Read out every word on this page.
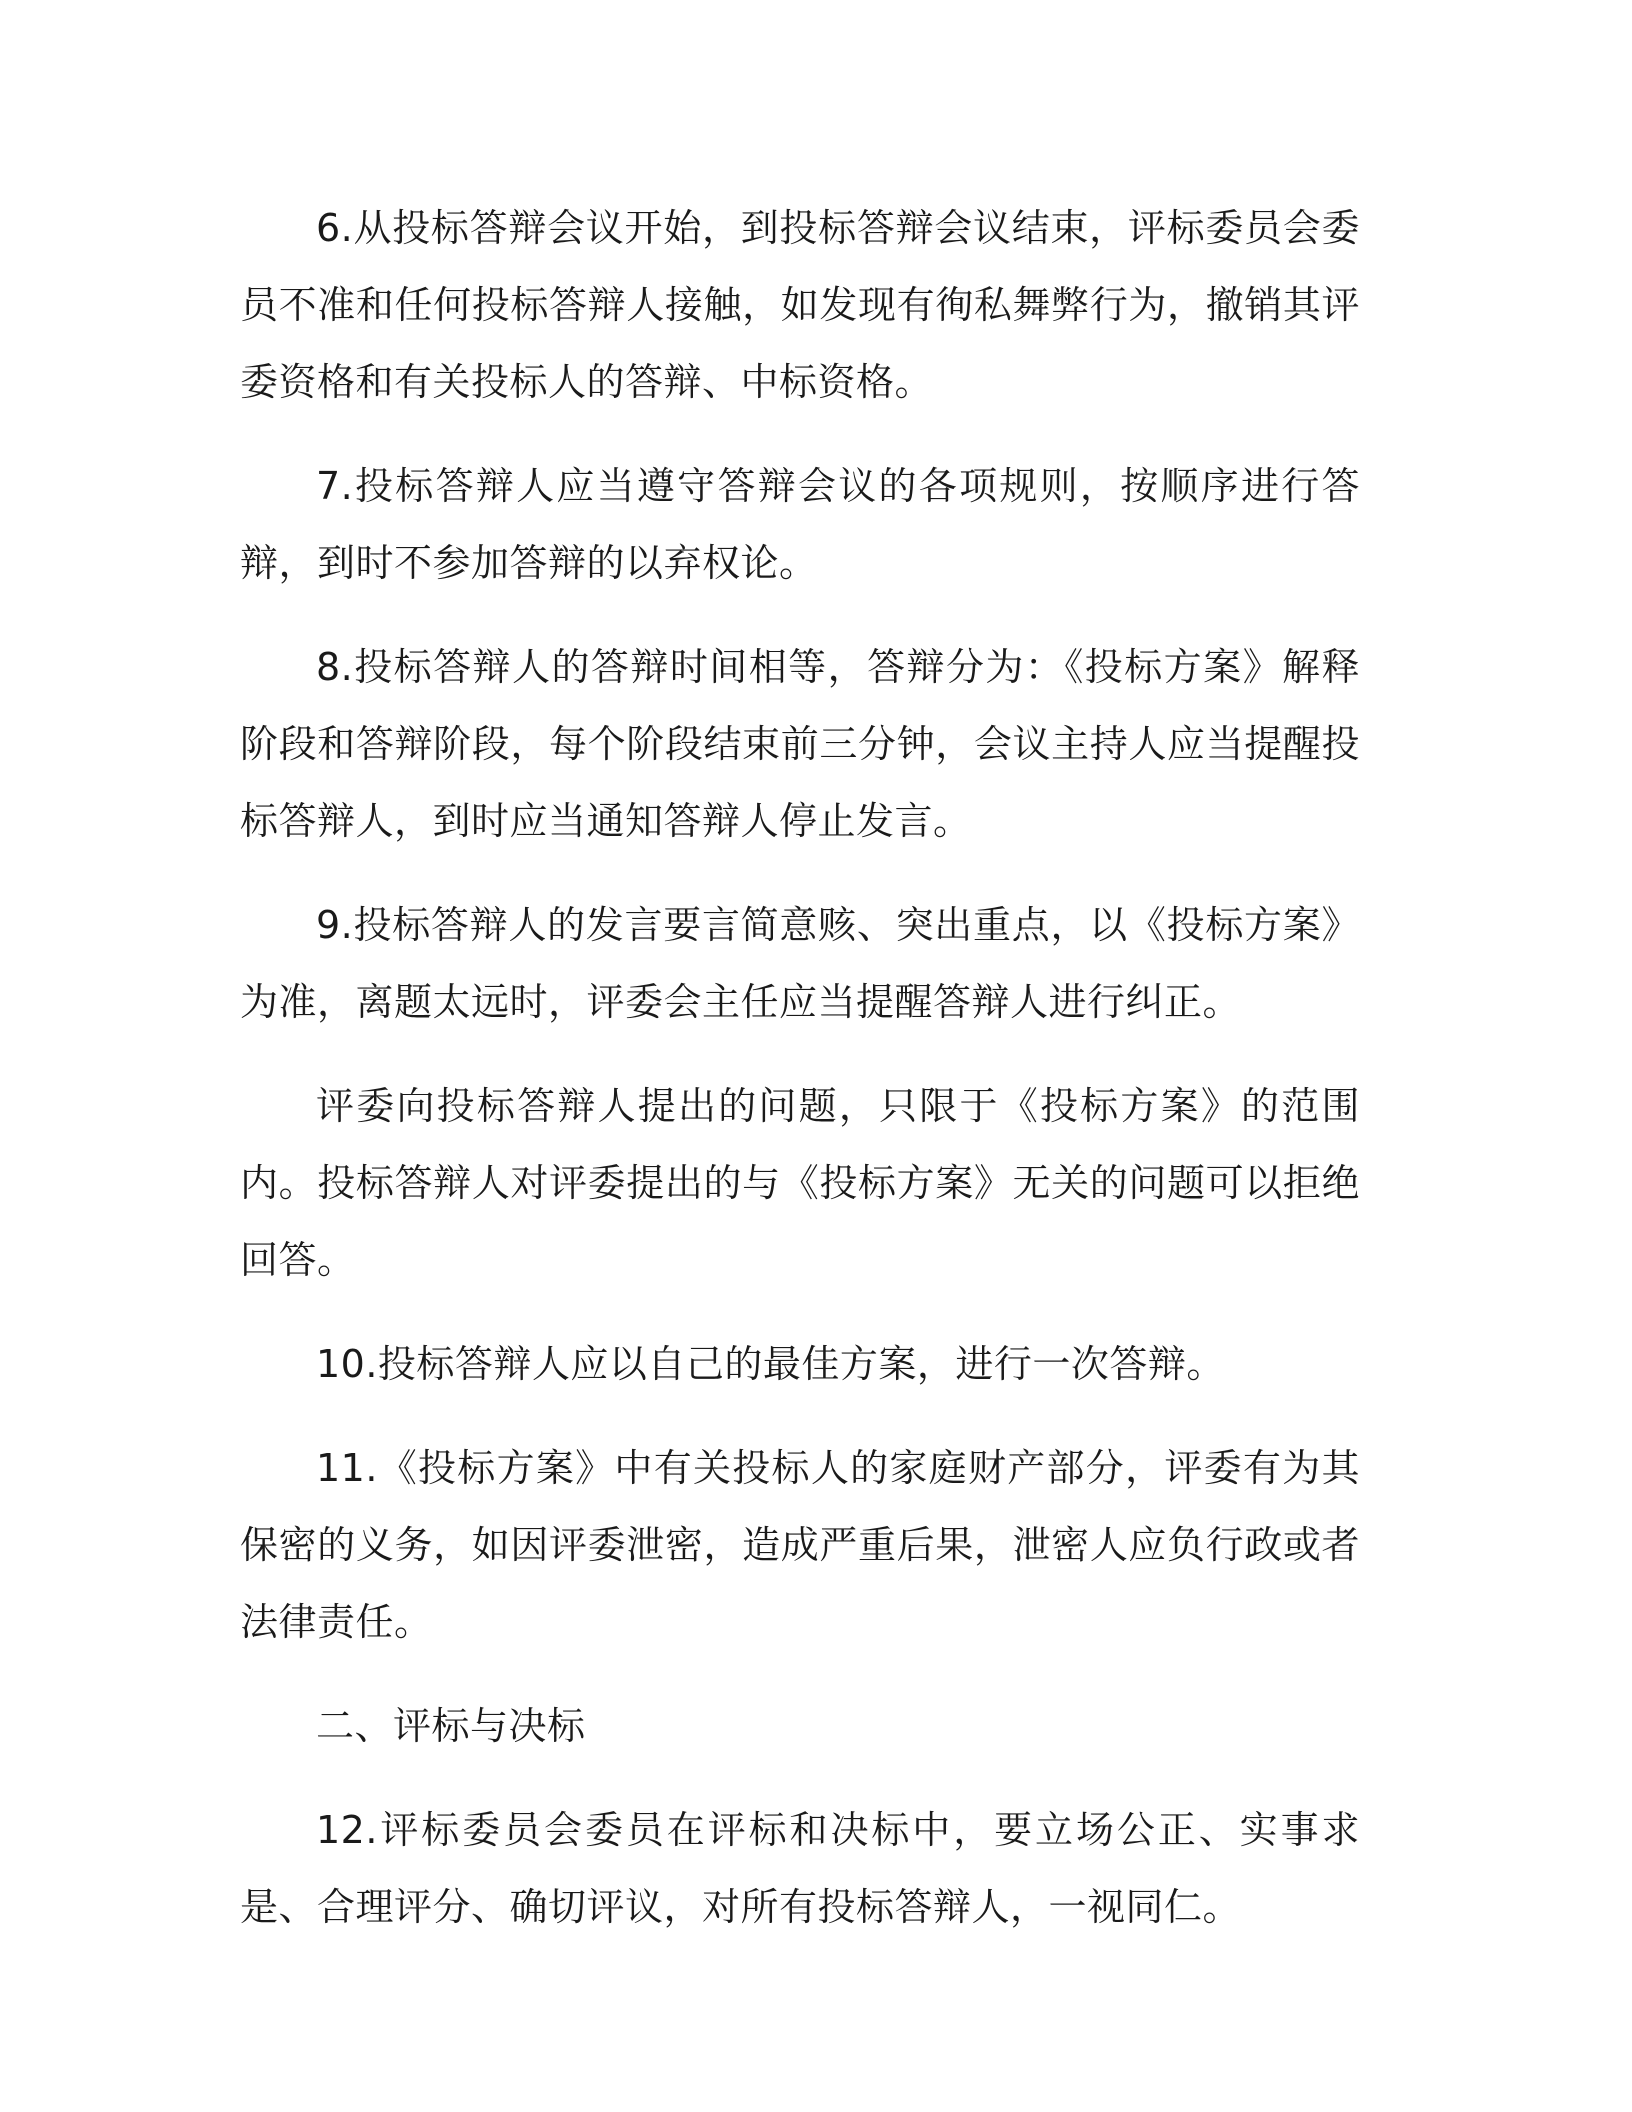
6.从投标答辩会议开始，到投标答辩会议结束，评标委员会委员不准和任何投标答辩人接触，如发现有徇私舞弊行为，撤销其评委资格和有关投标人的答辩、中标资格。

7.投标答辩人应当遵守答辩会议的各项规则，按顺序进行答辩，到时不参加答辩的以弃权论。

8.投标答辩人的答辩时间相等，答辩分为：《投标方案》解释阶段和答辩阶段，每个阶段结束前三分钟，会议主持人应当提醒投标答辩人，到时应当通知答辩人停止发言。

9.投标答辩人的发言要言简意赅、突出重点，以《投标方案》为准，离题太远时，评委会主任应当提醒答辩人进行纠正。

评委向投标答辩人提出的问题，只限于《投标方案》的范围内。投标答辩人对评委提出的与《投标方案》无关的问题可以拒绝回答。

10.投标答辩人应以自己的最佳方案，进行一次答辩。

11.《投标方案》中有关投标人的家庭财产部分，评委有为其保密的义务，如因评委泄密，造成严重后果，泄密人应负行政或者法律责任。

二、评标与决标

12.评标委员会委员在评标和决标中，要立场公正、实事求是、合理评分、确切评议，对所有投标答辩人，一视同仁。
